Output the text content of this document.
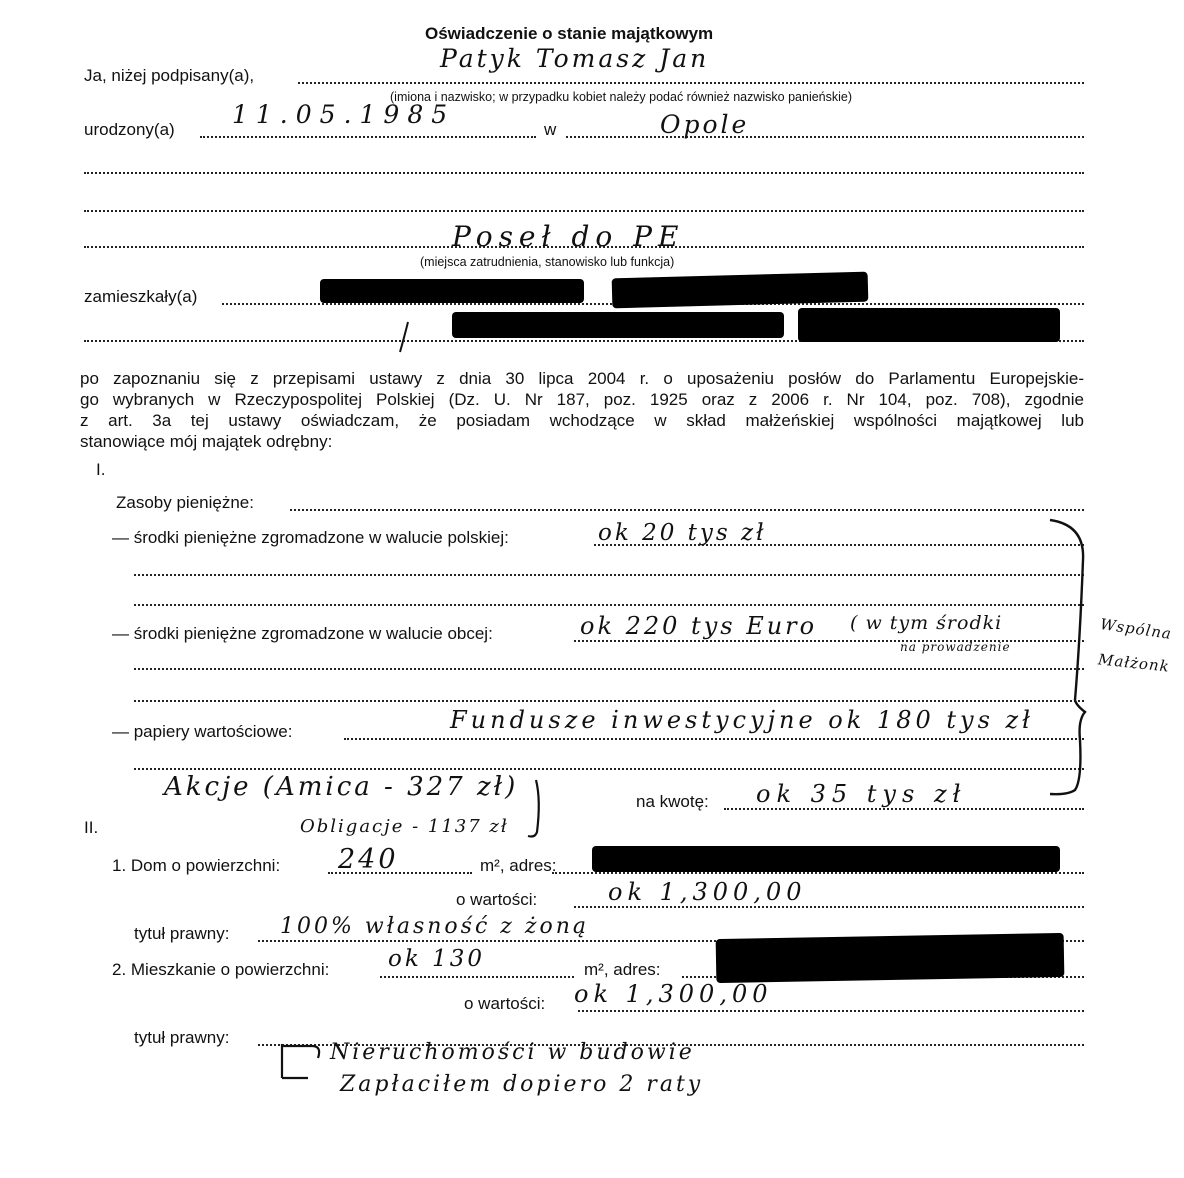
Oświadczenie o stanie majątkowym
Ja, niżej podpisany(a),
Patyk Tomasz Jan
(imiona i nazwisko; w przypadku kobiet należy podać również nazwisko panieńskie)
urodzony(a)
11.05.1985
w	Opole
Poseł do PE
(miejsca zatrudnienia, stanowisko lub funkcja)
zamieszkały(a)
po zapoznaniu się z przepisami ustawy z dnia 30 lipca 2004 r. o uposażeniu posłów do Parlamentu Europejskie-
go wybranych w Rzeczypospolitej Polskiej (Dz. U. Nr 187, poz. 1925 oraz z 2006 r. Nr 104, poz. 708), zgodnie
z art. 3a tej ustawy oświadczam, że posiadam wchodzące w skład małżeńskiej wspólności majątkowej lub
stanowiące mój majątek odrębny:
I.
Zasoby pieniężne:
— środki pieniężne zgromadzone w walucie polskiej:	ok 20 tys zł
— środki pieniężne zgromadzone w walucie obcej:	ok 220 tys Euro ( w tym środki
na prowadzenie
— papiery wartościowe:	Fundusze inwestycyjne ok 180 tys zł
Akcje (Amica - 327 zł)	na kwotę: ok 35 tys zł
Obligacje - 1137 zł
Wspólna
Małżonk
II.
1. Dom o powierzchni: 240	m², adres:
o wartości:	ok 1,300,00
tytuł prawny: 100% własność z żoną
2. Mieszkanie o powierzchni:	ok 130	m², adres:
o wartości: ok 1,300,00
tytuł prawny:
Nieruchomości w budowie
Zapłaciłem dopiero 2 raty
